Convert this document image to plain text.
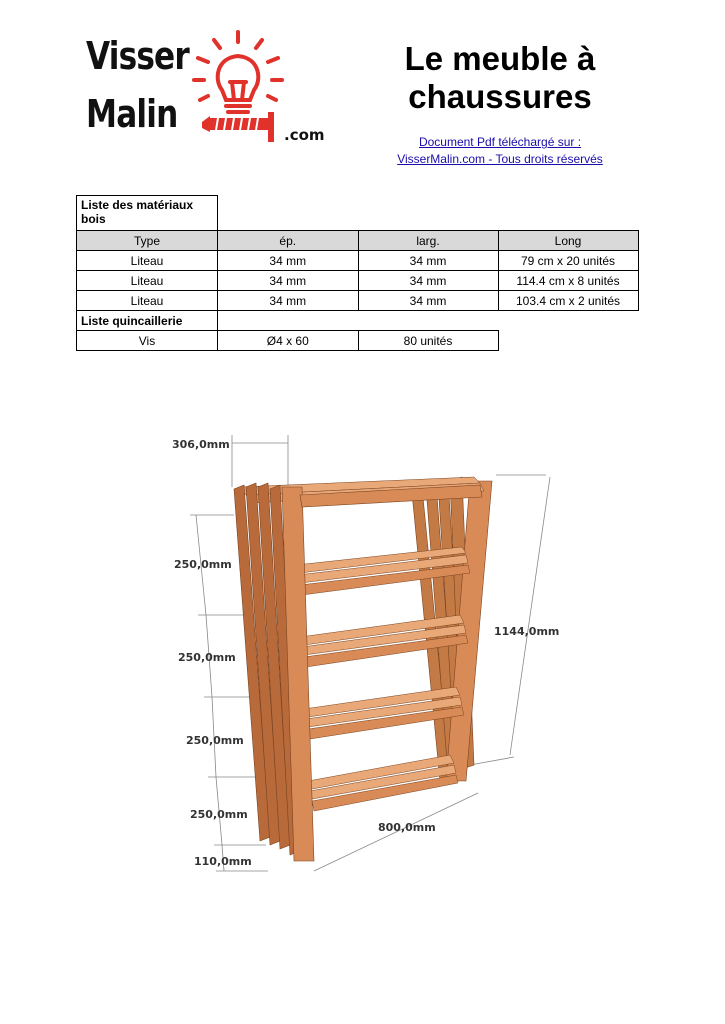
Visser
Malin	.com
Le meuble à
chaussures
Document Pdf téléchargé sur :
VisserMalin.com - Tous droits réservés
Liste des matériaux bois			
Type	ép.	larg.	Long
Liteau	34 mm	34 mm	79 cm x 20 unités
Liteau	34 mm	34 mm	114.4 cm x 8 unités
Liteau	34 mm	34 mm	103.4 cm x 2 unités
Liste quincaillerie			
Vis	Ø4 x 60	80 unités	
306,0mm
250,0mm
250,0mm
250,0mm
250,0mm
110,0mm
1144,0mm
800,0mm
